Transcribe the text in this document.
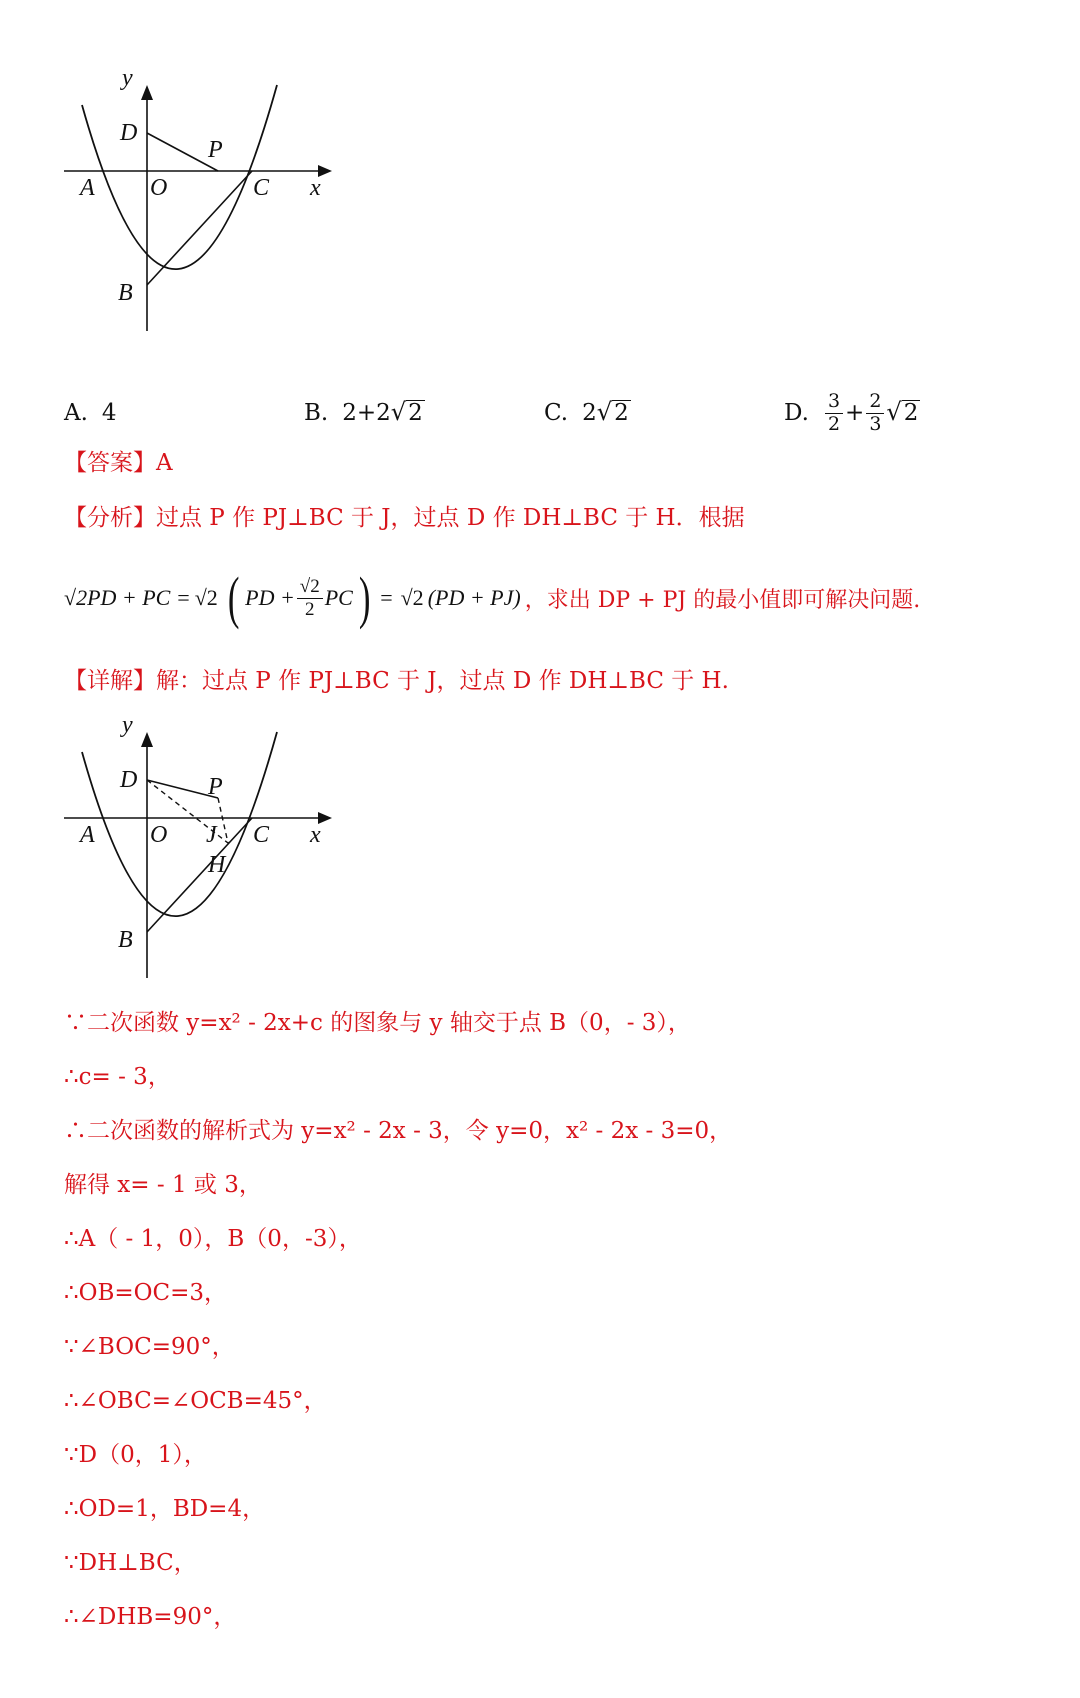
y
x
D
P
A O	C
B
A. 4	B. 2+2 √ 2	C. 2 √ 2	D. $\frac{3}{2} + \frac{2}{3}$ √ 2
【答案】A
【分析】过点 P 作 PJ⊥BC 于 J，过点 D 作 DH⊥BC 于 H．根据
√2PD + PC = √2 ( PD + $\frac{√2}{2}$ PC ) = √2 (PD + PJ) ，求出 DP + PJ 的最小值即可解决问题.
【详解】解：过点 P 作 PJ⊥BC 于 J，过点 D 作 DH⊥BC 于 H.
y
x
D	P
A O J C
H
B
∵二次函数 y=x² - 2x+c 的图象与 y 轴交于点 B（0，- 3），
∴c= - 3，
∴二次函数的解析式为 y=x² - 2x - 3，令 y=0，x² - 2x - 3=0，
解得 x= - 1 或 3，
∴A（ - 1，0），B（0，-3），
∴OB=OC=3，
∵∠BOC=90°，
∴∠OBC=∠OCB=45°，
∵D（0，1），
∴OD=1，BD=4，
∵DH⊥BC，
∴∠DHB=90°，
